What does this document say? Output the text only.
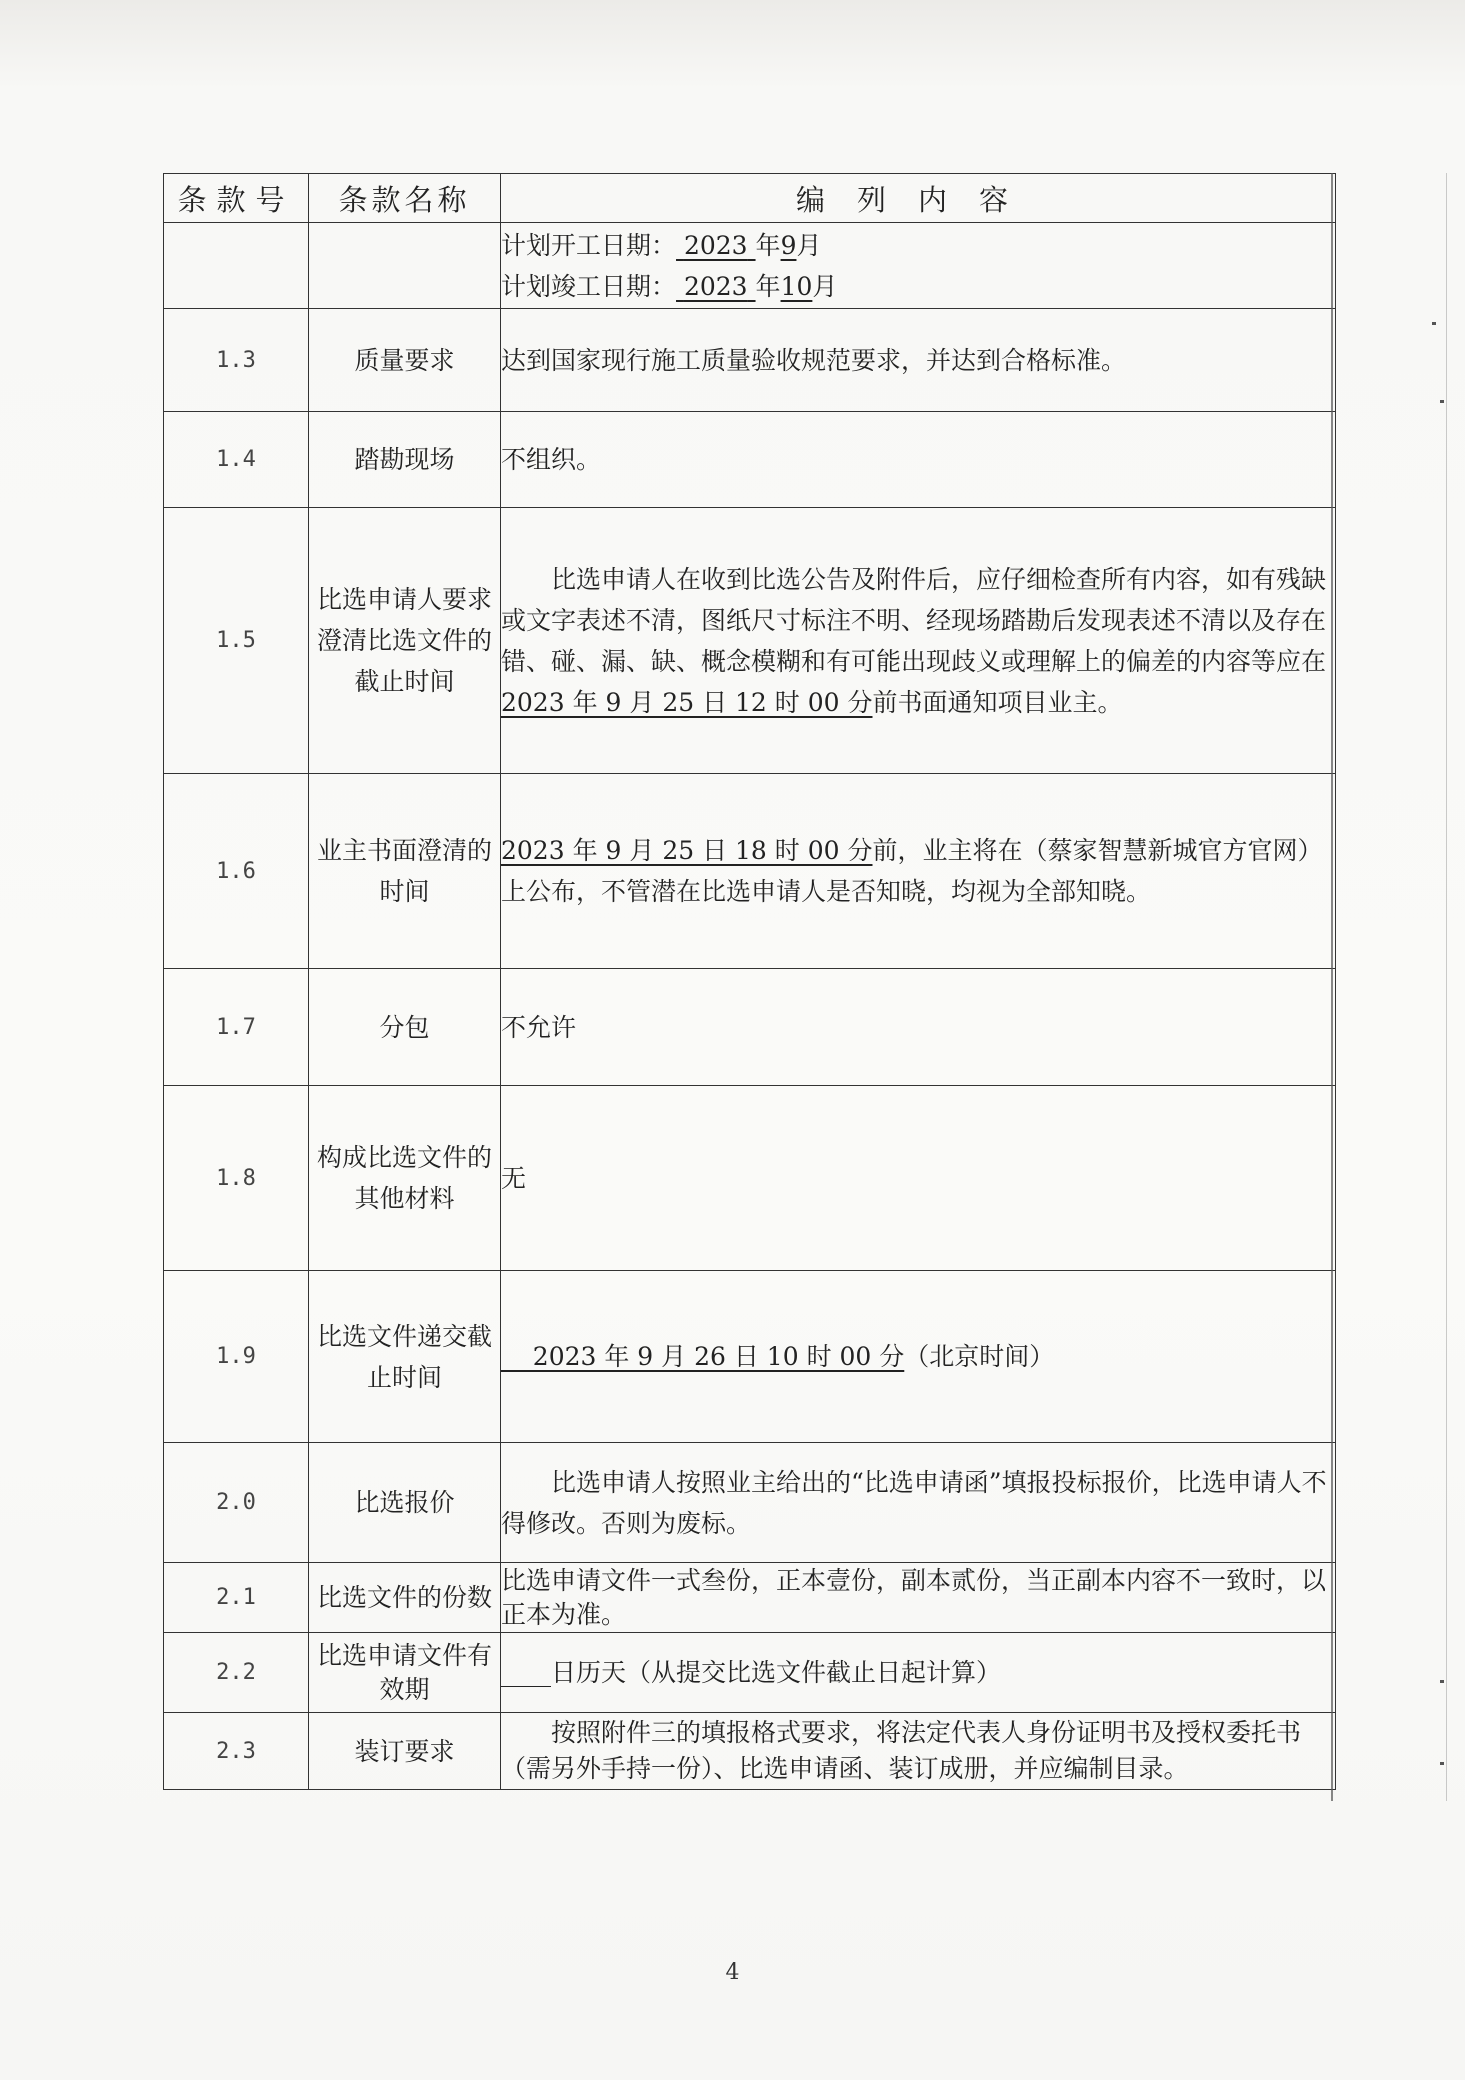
条款号	条款名称	编列内容

		计划开工日期： 2023 年9月
计划竣工日期： 2023 年10月

1.3	质量要求	达到国家现行施工质量验收规范要求，并达到合格标准。
1.4	踏勘现场	不组织。
1.5	比选申请人要求澄清比选文件的截止时间	比选申请人在收到比选公告及附件后，应仔细检查所有内容，如有残缺或文字表述不清，图纸尺寸标注不明、经现场踏勘后发现表述不清以及存在错、碰、漏、缺、概念模糊和有可能出现歧义或理解上的偏差的内容等应在 2023 年 9 月 25 日 12 时 00 分前书面通知项目业主。

1.6	业主书面澄清的时间	2023 年 9 月 25 日 18 时 00 分前，业主将在（蔡家智慧新城官方官网）上公布，不管潜在比选申请人是否知晓，均视为全部知晓。

1.7	分包	不允许
1.8	构成比选文件的其他材料	无
1.9	比选文件递交截止时间	2023 年 9 月 26 日 10 时 00 分（北京时间）

2.0	比选报价	比选申请人按照业主给出的“比选申请函”填报投标报价，比选申请人不得修改。否则为废标。
2.1	比选文件的份数	比选申请文件一式叁份，正本壹份，副本贰份，当正副本内容不一致时，以正本为准。
2.2	比选申请文件有效期	____日历天（从提交比选文件截止日起计算）
2.3	装订要求	按照附件三的填报格式要求，将法定代表人身份证明书及授权委托书（需另外手持一份）、比选申请函、装订成册，并应编制目录。
4
